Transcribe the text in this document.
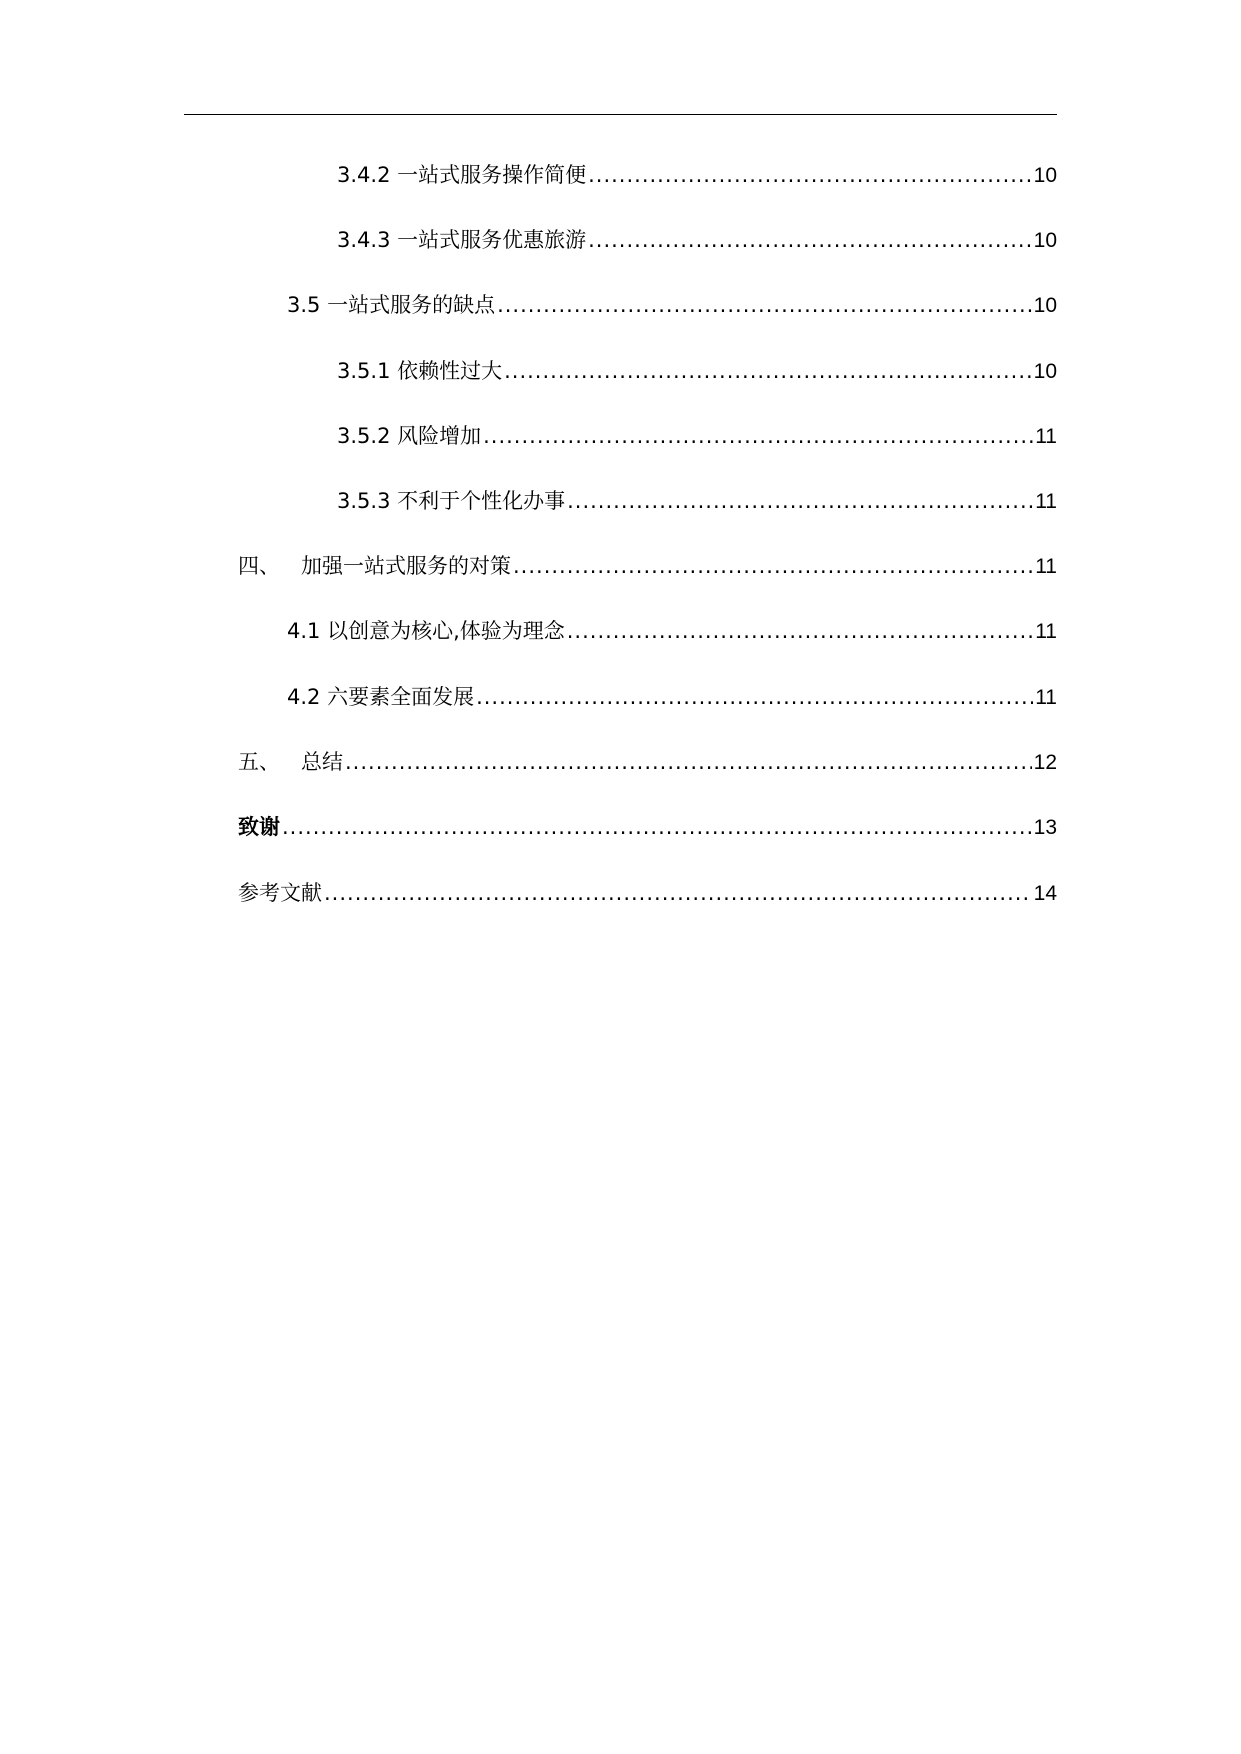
3.4.2 一站式服务操作简便 .....	10
3.4.3 一站式服务优惠旅游 .....	10
3.5 一站式服务的缺点 .....	10
3.5.1 依赖性过大 .....	10
3.5.2 风险增加 .....	11
3.5.3 不利于个性化办事 .....	11
四、 加强一站式服务的对策 .....	11
4.1 以创意为核心,体验为理念 .....	11
4.2 六要素全面发展 .....	11
五、 总结 .....	12
致谢 .....	13
参考文献 .....	14
